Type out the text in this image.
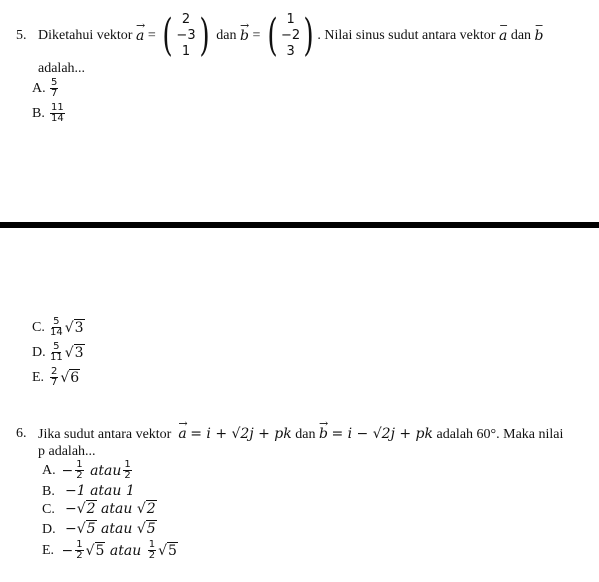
5. Diketahui vektor

→
a = ( 2
−3
1 )
dan

→
b = ( 1
−2
3 ) . Nilai sinus sudut antara vektor

−
a
dan

−
b
adalah...
A. $\frac{5}{7}$
B. $\frac{11}{14}$
C. $\frac{5}{14} √3$
D. $\frac{5}{11} √3$
E. $\frac{2}{7} √6$
6. Jika sudut antara vektor
→
a = i + √2j + pk dan
→
b = i − √2j + pk adalah 60°. Maka nilai
p adalah...
A.
− $\frac{1}{2}$ atau $\frac{1}{2}$
B. −1 atau 1
C. −√2 atau √2
D. −√5 atau √5
E.
− $\frac{1}{2} √5$ atau $\frac{1}{2} √5$
